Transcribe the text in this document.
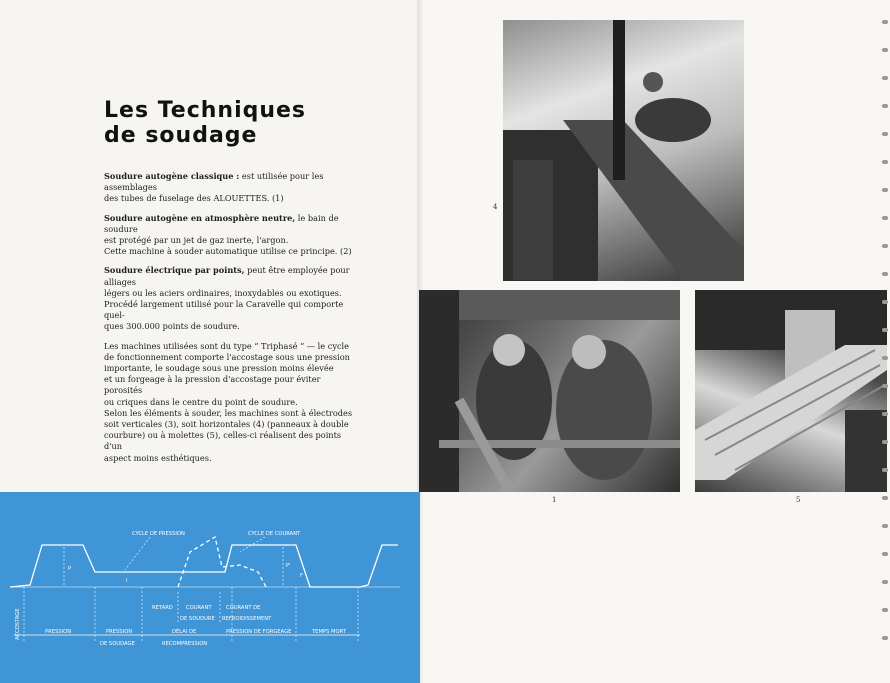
Les Techniques
de soudage

Soudure autogène classique : est utilisée pour les assemblages
des tubes de fuselage des ALOUETTES. (1)

Soudure autogène en atmosphère neutre, le bain de soudure
est protégé par un jet de gaz inerte, l'argon.
Cette machine à souder automatique utilise ce principe. (2)

Soudure électrique par points, peut être employée pour alliages
légers ou les aciers ordinaires, inoxydables ou exotiques.
Procédé largement utilisé pour la Caravelle qui comporte quel-
ques 300.000 points de soudure.

Les machines utilisées sont du type “ Triphasé ” — le cycle
de fonctionnement comporte l'accostage sous une pression
importante, le soudage sous une pression moins élevée
et un forgeage à la pression d'accostage pour éviter porosités
ou criques dans le centre du point de soudure.
Selon les éléments à souder, les machines sont à électrodes
soit verticales (3), soit horizontales (4) (panneaux à double
courbure) ou à molettes (5), celles-ci réalisent des points d'un
aspect moins esthétiques.

CYCLE DE PRESSION	CYCLE DE COURANT
P
I
P'
F
ACCOSTAGE	PRESSION	PRESSION
DE SOUDAGE
DÉLAI DE
RECOMPRESSION
RETARD	COURANT
DE SOUDURE
COURANT DE
REFROIDISSEMENT
PRESSION DE FORGEAGE	TEMPS MORT
4
1	5
